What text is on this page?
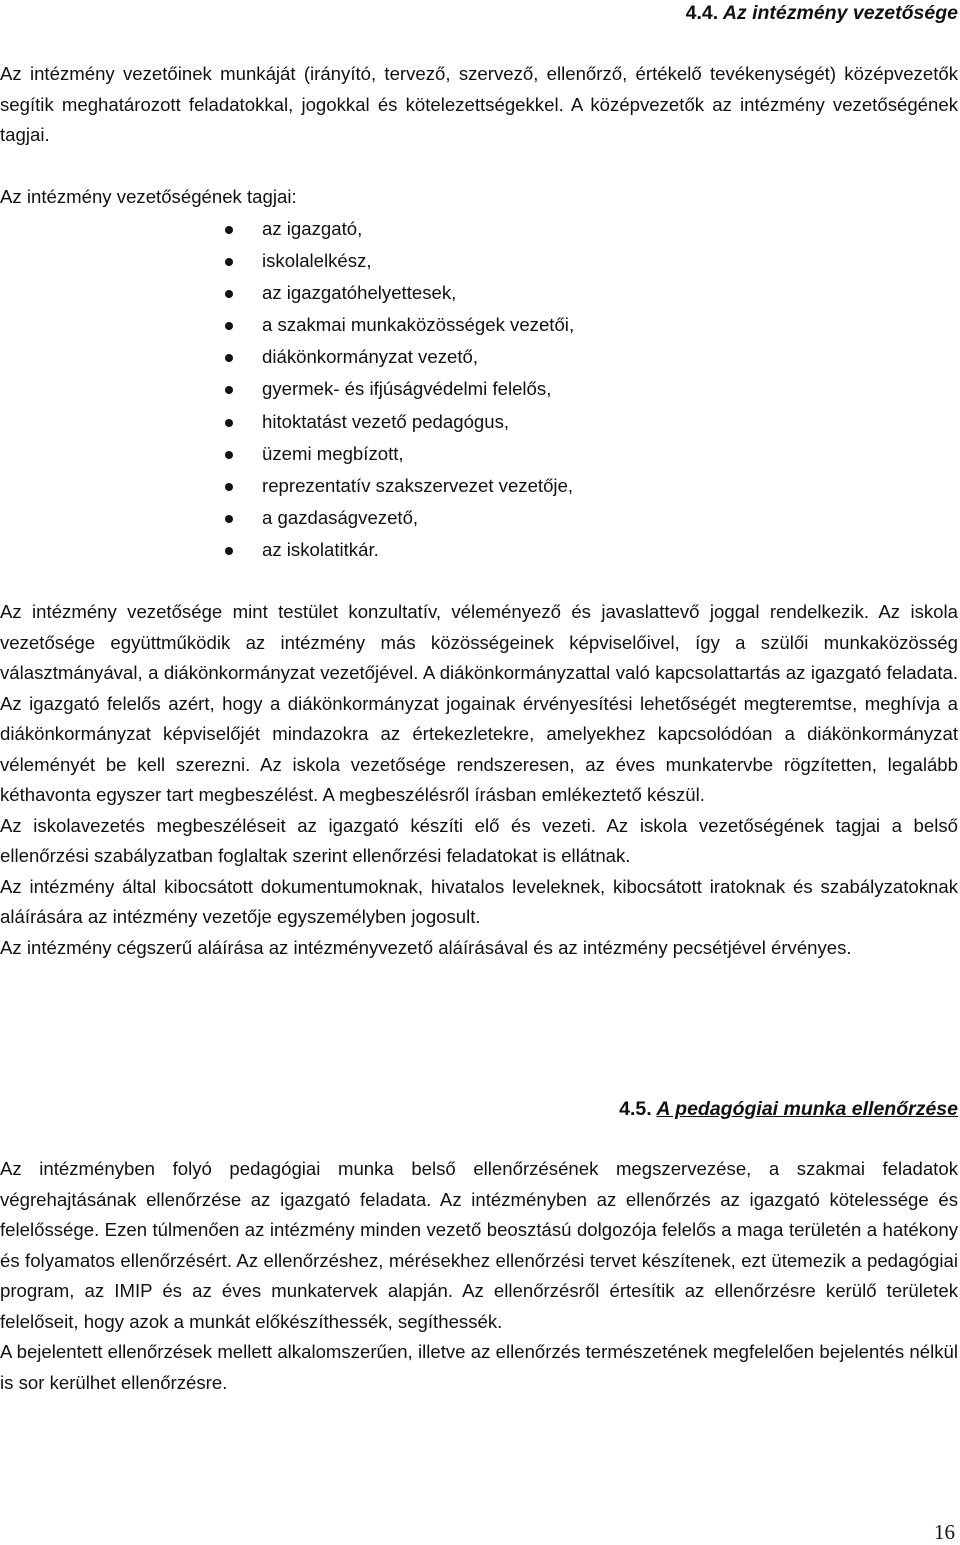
4.4. Az intézmény vezetősége

Az intézmény vezetőinek munkáját (irányító, tervező, szervező, ellenőrző, értékelő tevékenységét) középvezetők segítik meghatározott feladatokkal, jogokkal és kötelezettségekkel. A középvezetők az intézmény vezetőségének tagjai.

Az intézmény vezetőségének tagjai:

az igazgató,
iskolalelkész,
az igazgatóhelyettesek,
a szakmai munkaközösségek vezetői,
diákönkormányzat vezető,
gyermek- és ifjúságvédelmi felelős,
hitoktatást vezető pedagógus,
üzemi megbízott,
reprezentatív szakszervezet vezetője,
a gazdaságvezető,
az iskolatitkár.

Az intézmény vezetősége mint testület konzultatív, véleményező és javaslattevő joggal rendelkezik. Az iskola vezetősége együttműködik az intézmény más közösségeinek képviselőivel, így a szülői munkaközösség választmányával, a diákönkormányzat vezetőjével. A diákönkormányzattal való kapcsolattartás az igazgató feladata. Az igazgató felelős azért, hogy a diákönkormányzat jogainak érvényesítési lehetőségét megteremtse, meghívja a diákönkormányzat képviselőjét mindazokra az értekezletekre, amelyekhez kapcsolódóan a diákönkormányzat véleményét be kell szerezni. Az iskola vezetősége rendszeresen, az éves munkatervbe rögzítetten, legalább kéthavonta egyszer tart megbeszélést. A megbeszélésről írásban emlékeztető készül.

Az iskolavezetés megbeszéléseit az igazgató készíti elő és vezeti. Az iskola vezetőségének tagjai a belső ellenőrzési szabályzatban foglaltak szerint ellenőrzési feladatokat is ellátnak.

Az intézmény által kibocsátott dokumentumoknak, hivatalos leveleknek, kibocsátott iratoknak és szabályzatoknak aláírására az intézmény vezetője egyszemélyben jogosult.

Az intézmény cégszerű aláírása az intézményvezető aláírásával és az intézmény pecsétjével érvényes.

4.5. A pedagógiai munka ellenőrzése

Az intézményben folyó pedagógiai munka belső ellenőrzésének megszervezése, a szakmai feladatok végrehajtásának ellenőrzése az igazgató feladata. Az intézményben az ellenőrzés az igazgató kötelessége és felelőssége. Ezen túlmenően az intézmény minden vezető beosztású dolgozója felelős a maga területén a hatékony és folyamatos ellenőrzésért. Az ellenőrzéshez, mérésekhez ellenőrzési tervet készítenek, ezt ütemezik a pedagógiai program, az IMIP és az éves munkatervek alapján. Az ellenőrzésről értesítik az ellenőrzésre kerülő területek felelőseit, hogy azok a munkát előkészíthessék, segíthessék.

A bejelentett ellenőrzések mellett alkalomszerűen, illetve az ellenőrzés természetének megfelelően bejelentés nélkül is sor kerülhet ellenőrzésre.

16
